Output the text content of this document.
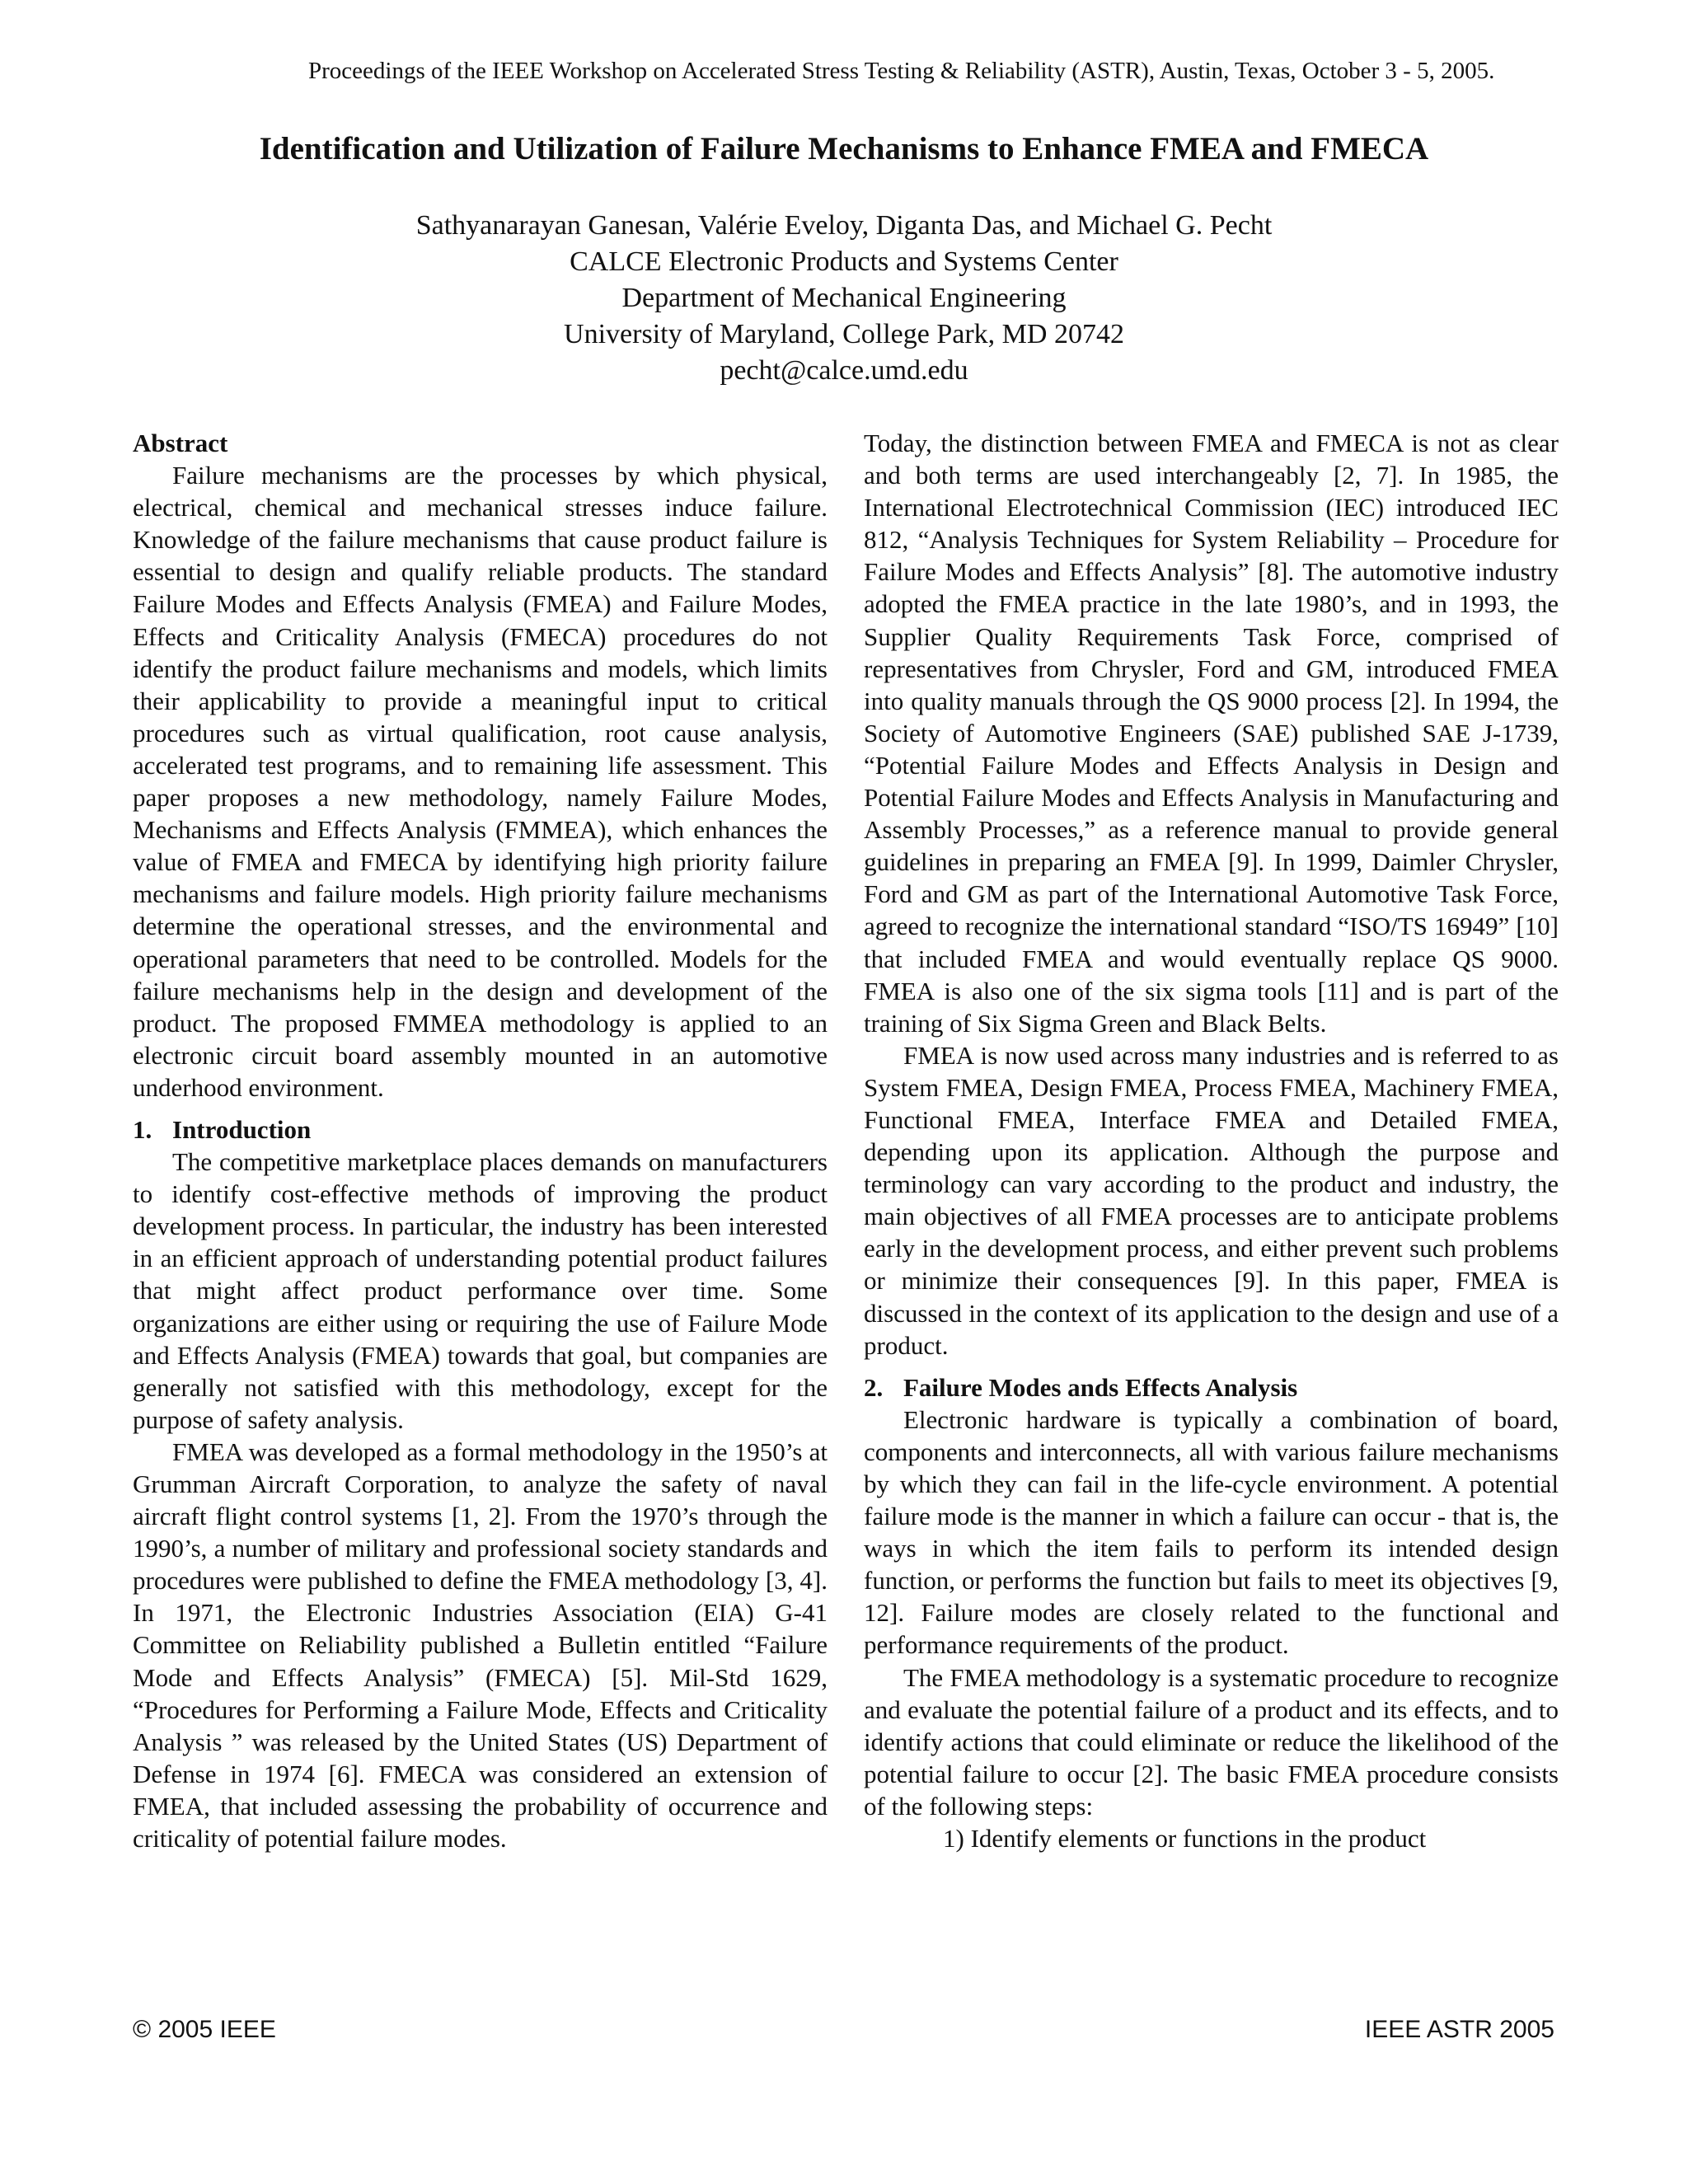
Proceedings of the IEEE Workshop on Accelerated Stress Testing & Reliability (ASTR), Austin, Texas, October 3 - 5, 2005.
Identification and Utilization of Failure Mechanisms to Enhance FMEA and FMECA
Sathyanarayan Ganesan, Valérie Eveloy, Diganta Das, and Michael G. Pecht
CALCE Electronic Products and Systems Center
Department of Mechanical Engineering
University of Maryland, College Park, MD 20742
pecht@calce.umd.edu
Abstract

Failure mechanisms are the processes by which physical, electrical, chemical and mechanical stresses induce failure. Knowledge of the failure mechanisms that cause product failure is essential to design and qualify reliable products. The standard Failure Modes and Effects Analysis (FMEA) and Failure Modes, Effects and Criticality Analysis (FMECA) procedures do not identify the product failure mechanisms and models, which limits their applicability to provide a meaningful input to critical procedures such as virtual qualification, root cause analysis, accelerated test programs, and to remaining life assessment. This paper proposes a new methodology, namely Failure Modes, Mechanisms and Effects Analysis (FMMEA), which enhances the value of FMEA and FMECA by identifying high priority failure mechanisms and failure models. High priority failure mechanisms determine the operational stresses, and the environmental and operational parameters that need to be controlled. Models for the failure mechanisms help in the design and development of the product. The proposed FMMEA methodology is applied to an electronic circuit board assembly mounted in an automotive underhood environment.

1. Introduction

The competitive marketplace places demands on manufacturers to identify cost-effective methods of improving the product development process. In particular, the industry has been interested in an efficient approach of understanding potential product failures that might affect product performance over time. Some organizations are either using or requiring the use of Failure Mode and Effects Analysis (FMEA) towards that goal, but companies are generally not satisfied with this methodology, except for the purpose of safety analysis.

FMEA was developed as a formal methodology in the 1950’s at Grumman Aircraft Corporation, to analyze the safety of naval aircraft flight control systems [1, 2]. From the 1970’s through the 1990’s, a number of military and professional society standards and procedures were published to define the FMEA methodology [3, 4]. In 1971, the Electronic Industries Association (EIA) G-41 Committee on Reliability published a Bulletin entitled “Failure Mode and Effects Analysis” (FMECA) [5]. Mil-Std 1629, “Procedures for Performing a Failure Mode, Effects and Criticality Analysis ” was released by the United States (US) Department of Defense in 1974 [6]. FMECA was considered an extension of FMEA, that included assessing the probability of occurrence and criticality of potential failure modes.

Today, the distinction between FMEA and FMECA is not as clear and both terms are used interchangeably [2, 7]. In 1985, the International Electrotechnical Commission (IEC) introduced IEC 812, “Analysis Techniques for System Reliability – Procedure for Failure Modes and Effects Analysis” [8]. The automotive industry adopted the FMEA practice in the late 1980’s, and in 1993, the Supplier Quality Requirements Task Force, comprised of representatives from Chrysler, Ford and GM, introduced FMEA into quality manuals through the QS 9000 process [2]. In 1994, the Society of Automotive Engineers (SAE) published SAE J-1739, “Potential Failure Modes and Effects Analysis in Design and Potential Failure Modes and Effects Analysis in Manufacturing and Assembly Processes,” as a reference manual to provide general guidelines in preparing an FMEA [9]. In 1999, Daimler Chrysler, Ford and GM as part of the International Automotive Task Force, agreed to recognize the international standard “ISO/TS 16949” [10] that included FMEA and would eventually replace QS 9000. FMEA is also one of the six sigma tools [11] and is part of the training of Six Sigma Green and Black Belts.

FMEA is now used across many industries and is referred to as System FMEA, Design FMEA, Process FMEA, Machinery FMEA, Functional FMEA, Interface FMEA and Detailed FMEA, depending upon its application. Although the purpose and terminology can vary according to the product and industry, the main objectives of all FMEA processes are to anticipate problems early in the development process, and either prevent such problems or minimize their consequences [9]. In this paper, FMEA is discussed in the context of its application to the design and use of a product.

2. Failure Modes ands Effects Analysis

Electronic hardware is typically a combination of board, components and interconnects, all with various failure mechanisms by which they can fail in the life-cycle environment. A potential failure mode is the manner in which a failure can occur - that is, the ways in which the item fails to perform its intended design function, or performs the function but fails to meet its objectives [9, 12]. Failure modes are closely related to the functional and performance requirements of the product.

The FMEA methodology is a systematic procedure to recognize and evaluate the potential failure of a product and its effects, and to identify actions that could eliminate or reduce the likelihood of the potential failure to occur [2]. The basic FMEA procedure consists of the following steps:

1) Identify elements or functions in the product

© 2005 IEEE	IEEE ASTR 2005
